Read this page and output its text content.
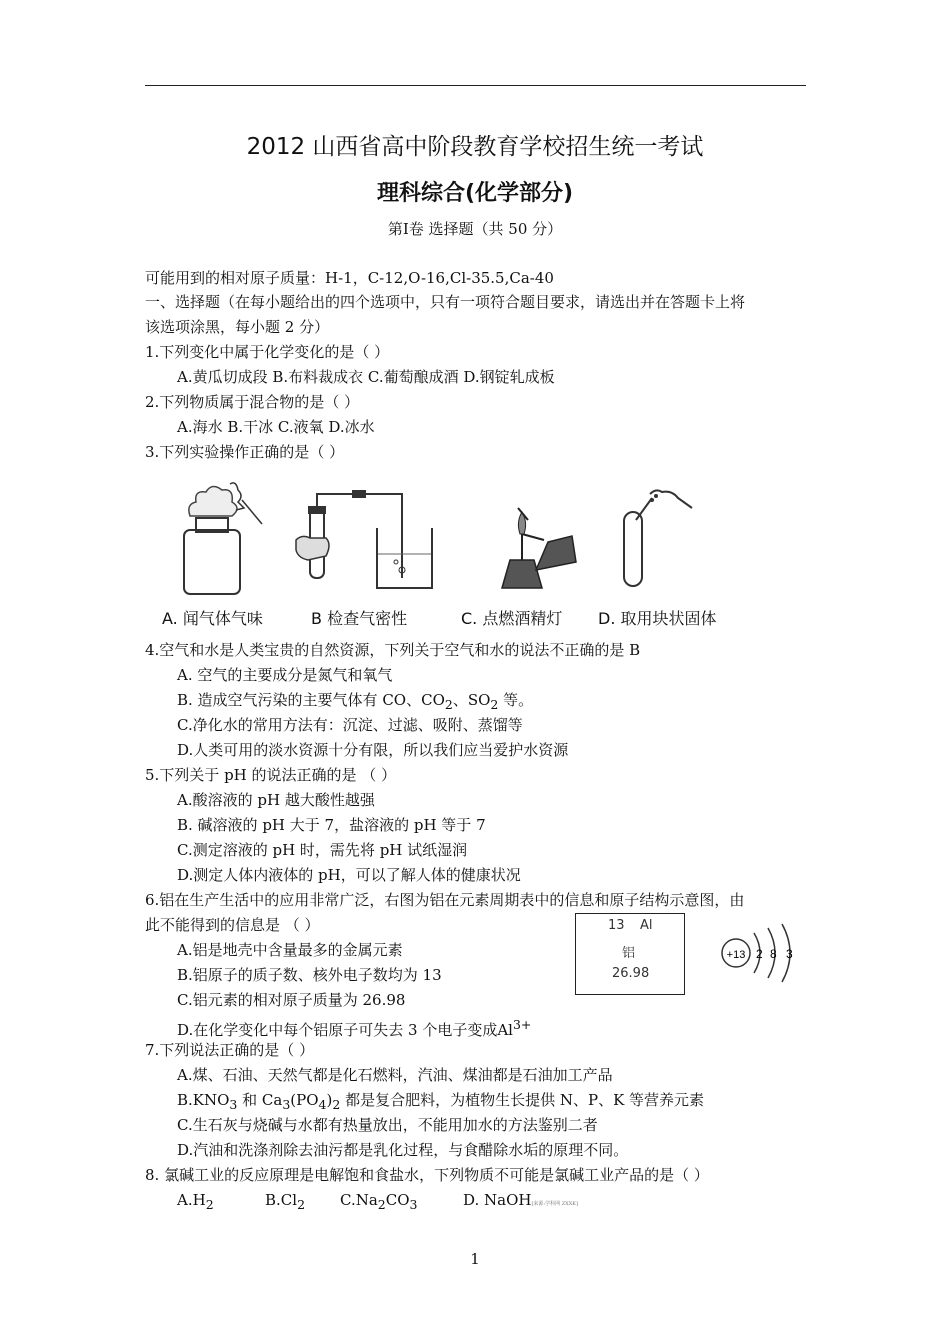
2012 山西省高中阶段教育学校招生统一考试
理科综合(化学部分)
第Ⅰ卷 选择题（共 50 分）
可能用到的相对原子质量：H-1，C-12,O-16,Cl-35.5,Ca-40
一、选择题（在每小题给出的四个选项中，只有一项符合题目要求，请选出并在答题卡上将
该选项涂黑，每小题 2 分）
1.下列变化中属于化学变化的是（ ）
A.黄瓜切成段 B.布料裁成衣 C.葡萄酿成酒 D.钢锭轧成板
2.下列物质属于混合物的是（ ）
A.海水 B.干冰 C.液氧 D.冰水
3.下列实验操作正确的是（ ）
A. 闻气体气味	B 检查气密性	C. 点燃酒精灯 D. 取用块状固体
4.空气和水是人类宝贵的自然资源，下列关于空气和水的说法不正确的是 B
A. 空气的主要成分是氮气和氧气
B. 造成空气污染的主要气体有 CO、$CO_2$、$SO_2$ 等。
C.净化水的常用方法有：沉淀、过滤、吸附、蒸馏等
D.人类可用的淡水资源十分有限，所以我们应当爱护水资源
5.下列关于 pH 的说法正确的是 （ ）
A.酸溶液的 pH 越大酸性越强
B. 碱溶液的 pH 大于 7，盐溶液的 pH 等于 7
C.测定溶液的 pH 时，需先将 pH 试纸湿润
D.测定人体内液体的 pH，可以了解人体的健康状况
6.铝在生产生活中的应用非常广泛，右图为铝在元素周期表中的信息和原子结构示意图，由
此不能得到的信息是 （ ）
A.铝是地壳中含量最多的金属元素
B.铝原子的质子数、核外电子数均为 13
C.铝元素的相对原子质量为 26.98
D.在化学变化中每个铝原子可失去 3 个电子变成$Al^{3+}$
13 Al
铝
26.98
+13 2 8 3
7.下列说法正确的是（ ）
A.煤、石油、天然气都是化石燃料，汽油、煤油都是石油加工产品
$B.KNO_3$ 和 $Ca_3(PO_4)_2$ 都是复合肥料，为植物生长提供 N、P、K 等营养元素
C.生石灰与烧碱与水都有热量放出，不能用加水的方法鉴别二者
D.汽油和洗涤剂除去油污都是乳化过程，与食醋除水垢的原理不同。
8. 氯碱工业的反应原理是电解饱和食盐水，下列物质不可能是氯碱工业产品的是（ ）
$A.H_2$	$B.Cl_2$ $C.Na_2CO_3$	D. NaOH[来源:学科网 ZXXK]
1
